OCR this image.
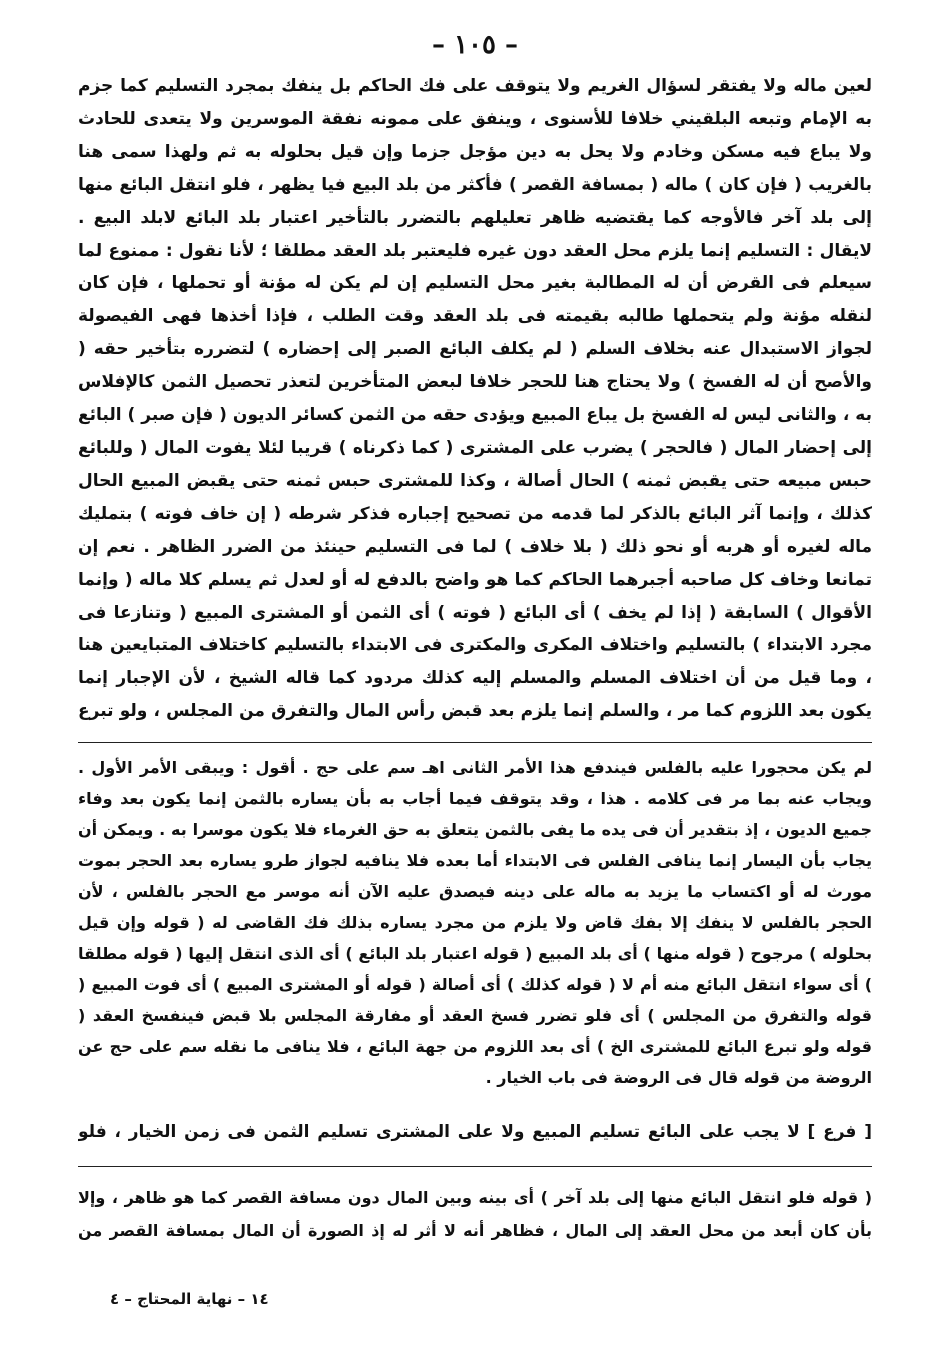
– ١٠٥ –
لعين ماله ولا يفتقر لسؤال الغريم ولا يتوقف على فك الحاكم بل ينفك بمجرد التسليم كما جزم به الإمام وتبعه البلقيني خلافا للأسنوى ، وينفق على ممونه نفقة الموسرين ولا يتعدى للحادث ولا يباع فيه مسكن وخادم ولا يحل به دين مؤجل جزما وإن قيل بحلوله به ثم ولهذا سمى هنا بالغريب ( فإن كان ) ماله ( بمسافة القصر ) فأكثر من بلد البيع فيا يظهر ، فلو انتقل البائع منها إلى بلد آخر فالأوجه كما يقتضيه ظاهر تعليلهم بالتضرر بالتأخير اعتبار بلد البائع لابلد البيع . لايقال : التسليم إنما يلزم محل العقد دون غيره فليعتبر بلد العقد مطلقا ؛ لأنا نقول : ممنوع لما سيعلم فى القرض أن له المطالبة بغير محل التسليم إن لم يكن له مؤنة أو تحملها ، فإن كان لنقله مؤنة ولم يتحملها طالبه بقيمته فى بلد العقد وقت الطلب ، فإذا أخذها فهى الفيصولة لجواز الاستبدال عنه بخلاف السلم ( لم يكلف البائع الصبر إلى إحضاره ) لتضرره بتأخير حقه ( والأصح أن له الفسخ ) ولا يحتاج هنا للحجر خلافا لبعض المتأخرين لتعذر تحصيل الثمن كالإفلاس به ، والثانى ليس له الفسخ بل يباع المبيع ويؤدى حقه من الثمن كسائر الديون ( فإن صبر ) البائع إلى إحضار المال ( فالحجر ) يضرب على المشترى ( كما ذكرناه ) قريبا لئلا يفوت المال ( وللبائع حبس مبيعه حتى يقبض ثمنه ) الحال أصالة ، وكذا للمشترى حبس ثمنه حتى يقبض المبيع الحال كذلك ، وإنما آثر البائع بالذكر لما قدمه من تصحيح إجباره فذكر شرطه ( إن خاف فوته ) بتمليك ماله لغيره أو هربه أو نحو ذلك ( بلا خلاف ) لما فى التسليم حينئذ من الضرر الظاهر . نعم إن تمانعا وخاف كل صاحبه أجبرهما الحاكم كما هو واضح بالدفع له أو لعدل ثم يسلم كلا ماله ( وإنما الأقوال ) السابقة ( إذا لم يخف ) أى البائع ( فوته ) أى الثمن أو المشترى المبيع ( وتنازعا فى مجرد الابتداء ) بالتسليم واختلاف المكرى والمكترى فى الابتداء بالتسليم كاختلاف المتبايعين هنا ، وما قيل من أن اختلاف المسلم والمسلم إليه كذلك مردود كما قاله الشيخ ، لأن الإجبار إنما يكون بعد اللزوم كما مر ، والسلم إنما يلزم بعد قبض رأس المال والتفرق من المجلس ، ولو تبرع
لم يكن محجورا عليه بالفلس فيندفع هذا الأمر الثانى اهـ سم على حج . أقول : ويبقى الأمر الأول . ويجاب عنه بما مر فى كلامه . هذا ، وقد يتوقف فيما أجاب به بأن يساره بالثمن إنما يكون بعد وفاء جميع الديون ، إذ بتقدير أن فى يده ما يفى بالثمن يتعلق به حق الغرماء فلا يكون موسرا به . ويمكن أن يجاب بأن اليسار إنما ينافى الفلس فى الابتداء أما بعده فلا ينافيه لجواز طرو يساره بعد الحجر بموت مورث له أو اكتساب ما يزيد به ماله على دينه فيصدق عليه الآن أنه موسر مع الحجر بالفلس ، لأن الحجر بالفلس لا ينفك إلا بفك قاض ولا يلزم من مجرد يساره بذلك فك القاضى له ( قوله وإن قيل بحلوله ) مرجوح ( قوله منها ) أى بلد المبيع ( قوله اعتبار بلد البائع ) أى الذى انتقل إليها ( قوله مطلقا ) أى سواء انتقل البائع منه أم لا ( قوله كذلك ) أى أصالة ( قوله أو المشترى المبيع ) أى فوت المبيع ( قوله والتفرق من المجلس ) أى فلو تضرر فسخ العقد أو مفارقة المجلس بلا قبض فينفسخ العقد ( قوله ولو تبرع البائع للمشترى الخ ) أى بعد اللزوم من جهة البائع ، فلا ينافى ما نقله سم على حج عن الروضة من قوله قال فى الروضة فى باب الخيار .
[ فرع ] لا يجب على البائع تسليم المبيع ولا على المشترى تسليم الثمن فى زمن الخيار ، فلو
( قوله فلو انتقل البائع منها إلى بلد آخر ) أى بينه وبين المال دون مسافة القصر كما هو ظاهر ، وإلا بأن كان أبعد من محل العقد إلى المال ، فظاهر أنه لا أثر له إذ الصورة أن المال بمسافة القصر من
١٤ – نهاية المحتاج – ٤
